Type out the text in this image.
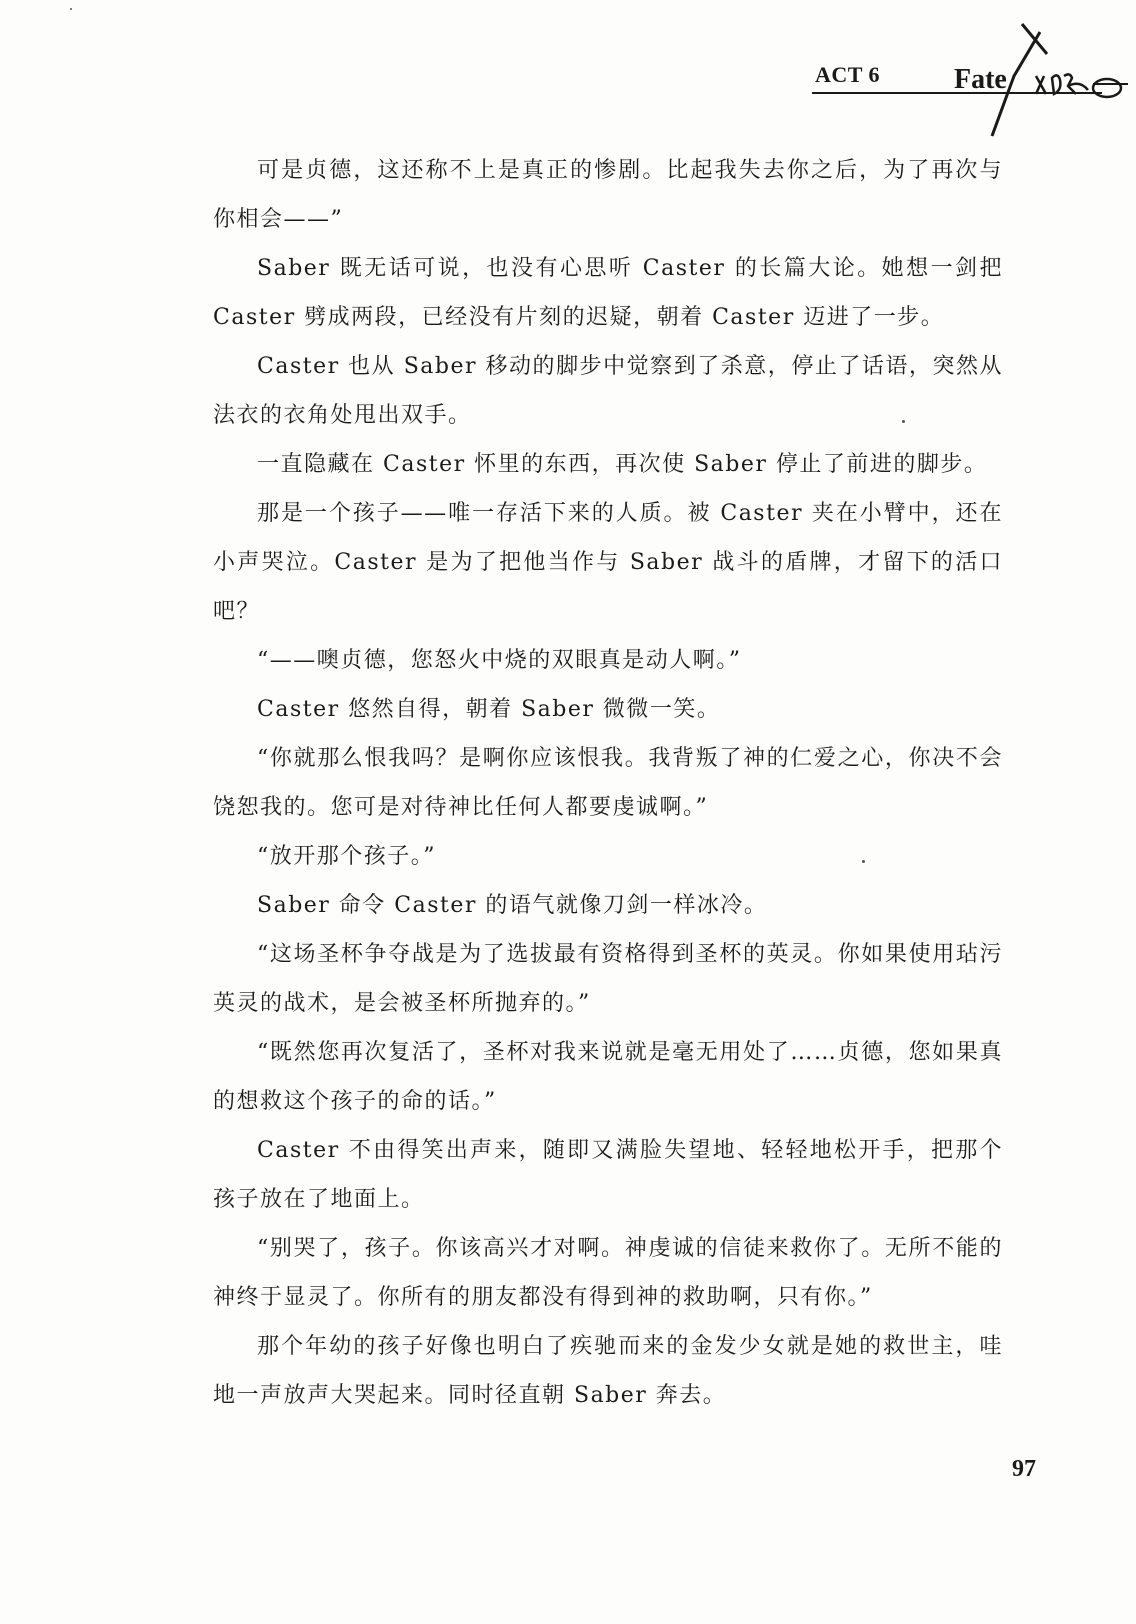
ACT 6	Fate

可是贞德，这还称不上是真正的惨剧。比起我失去你之后，为了再次与你相会——”

Saber 既无话可说，也没有心思听 Caster 的长篇大论。她想一剑把 Caster 劈成两段，已经没有片刻的迟疑，朝着 Caster 迈进了一步。

Caster 也从 Saber 移动的脚步中觉察到了杀意，停止了话语，突然从法衣的衣角处甩出双手。

一直隐藏在 Caster 怀里的东西，再次使 Saber 停止了前进的脚步。

那是一个孩子——唯一存活下来的人质。被 Caster 夹在小臂中，还在小声哭泣。Caster 是为了把他当作与 Saber 战斗的盾牌，才留下的活口吧？

“——噢贞德，您怒火中烧的双眼真是动人啊。”

Caster 悠然自得，朝着 Saber 微微一笑。

“你就那么恨我吗？是啊你应该恨我。我背叛了神的仁爱之心，你决不会饶恕我的。您可是对待神比任何人都要虔诚啊。”

“放开那个孩子。”

Saber 命令 Caster 的语气就像刀剑一样冰冷。

“这场圣杯争夺战是为了选拔最有资格得到圣杯的英灵。你如果使用玷污英灵的战术，是会被圣杯所抛弃的。”

“既然您再次复活了，圣杯对我来说就是毫无用处了……贞德，您如果真的想救这个孩子的命的话。”

Caster 不由得笑出声来，随即又满脸失望地、轻轻地松开手，把那个孩子放在了地面上。

“别哭了，孩子。你该高兴才对啊。神虔诚的信徒来救你了。无所不能的神终于显灵了。你所有的朋友都没有得到神的救助啊，只有你。”

那个年幼的孩子好像也明白了疾驰而来的金发少女就是她的救世主，哇地一声放声大哭起来。同时径直朝 Saber 奔去。

97
